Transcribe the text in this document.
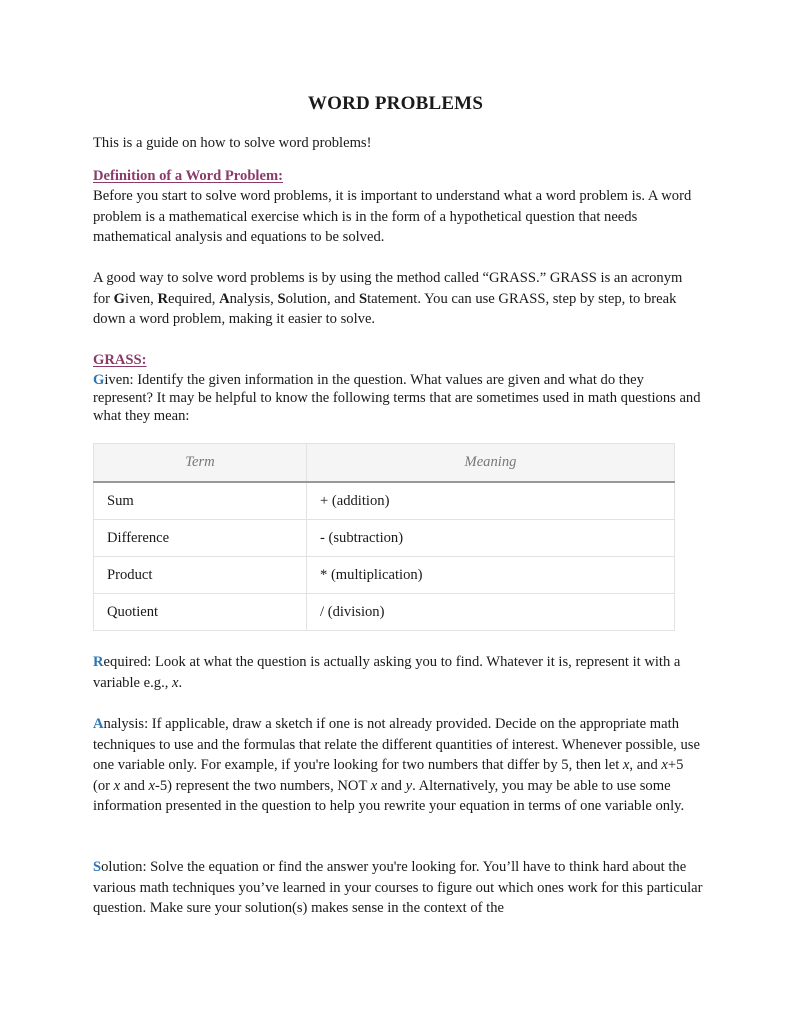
WORD PROBLEMS

This is a guide on how to solve word problems!

Definition of a Word Problem:

Before you start to solve word problems, it is important to understand what a word problem is. A word problem is a mathematical exercise which is in the form of a hypothetical question that needs mathematical analysis and equations to be solved.

A good way to solve word problems is by using the method called “GRASS.” GRASS is an acronym for Given, Required, Analysis, Solution, and Statement. You can use GRASS, step by step, to break down a word problem, making it easier to solve.

GRASS:

Given: Identify the given information in the question. What values are given and what do they represent? It may be helpful to know the following terms that are sometimes used in math questions and what they mean:

Term	Meaning
Sum	+ (addition)
Difference	- (subtraction)
Product	* (multiplication)
Quotient	/ (division)

Required: Look at what the question is actually asking you to find. Whatever it is, represent it with a variable e.g., x.

Analysis: If applicable, draw a sketch if one is not already provided. Decide on the appropriate math techniques to use and the formulas that relate the different quantities of interest. Whenever possible, use one variable only. For example, if you're looking for two numbers that differ by 5, then let x, and x+5 (or x and x-5) represent the two numbers, NOT x and y. Alternatively, you may be able to use some information presented in the question to help you rewrite your equation in terms of one variable only.

Solution: Solve the equation or find the answer you're looking for. You’ll have to think hard about the various math techniques you’ve learned in your courses to figure out which ones work for this particular question. Make sure your solution(s) makes sense in the context of the
